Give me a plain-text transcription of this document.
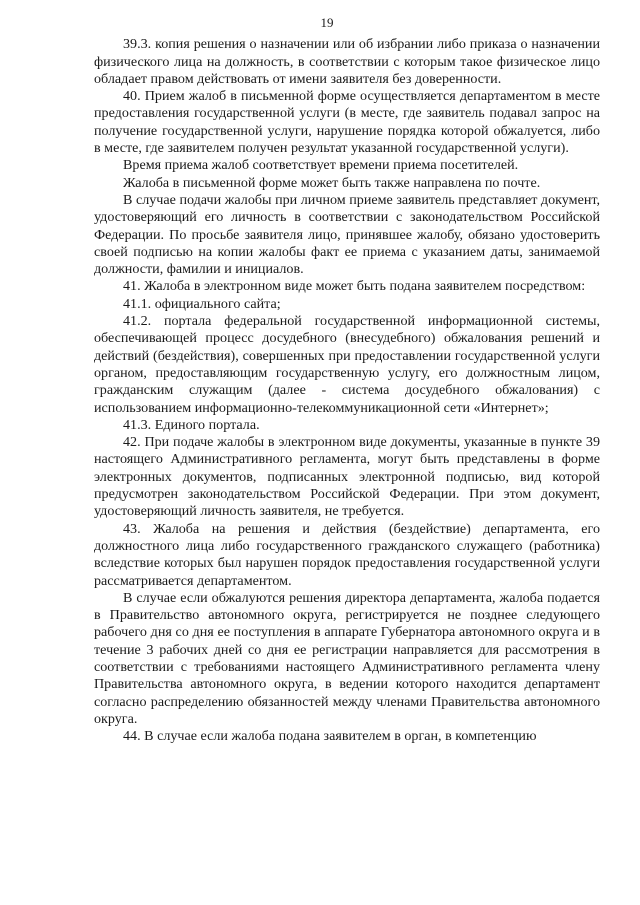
19

39.3. копия решения о назначении или об избрании либо приказа о назначении физического лица на должность, в соответствии с которым такое физическое лицо обладает правом действовать от имени заявителя без доверенности.

40. Прием жалоб в письменной форме осуществляется департаментом в месте предоставления государственной услуги (в месте, где заявитель подавал запрос на получение государственной услуги, нарушение порядка которой обжалуется, либо в месте, где заявителем получен результат указанной государственной услуги).

Время приема жалоб соответствует времени приема посетителей.

Жалоба в письменной форме может быть также направлена по почте.

В случае подачи жалобы при личном приеме заявитель представляет документ, удостоверяющий его личность в соответствии с законодательством Российской Федерации. По просьбе заявителя лицо, принявшее жалобу, обязано удостоверить своей подписью на копии жалобы факт ее приема с указанием даты, занимаемой должности, фамилии и инициалов.

41. Жалоба в электронном виде может быть подана заявителем посредством:

41.1. официального сайта;

41.2. портала федеральной государственной информационной системы, обеспечивающей процесс досудебного (внесудебного) обжалования решений и действий (бездействия), совершенных при предоставлении государственной услуги органом, предоставляющим государственную услугу, его должностным лицом, гражданским служащим (далее - система досудебного обжалования) с использованием информационно-телекоммуникационной сети «Интернет»;

41.3. Единого портала.

42. При подаче жалобы в электронном виде документы, указанные в пункте 39 настоящего Административного регламента, могут быть представлены в форме электронных документов, подписанных электронной подписью, вид которой предусмотрен законодательством Российской Федерации. При этом документ, удостоверяющий личность заявителя, не требуется.

43. Жалоба на решения и действия (бездействие) департамента, его должностного лица либо государственного гражданского служащего (работника) вследствие которых был нарушен порядок предоставления государственной услуги рассматривается департаментом.

В случае если обжалуются решения директора департамента, жалоба подается в Правительство автономного округа, регистрируется не позднее следующего рабочего дня со дня ее поступления в аппарате Губернатора автономного округа и в течение 3 рабочих дней со дня ее регистрации направляется для рассмотрения в соответствии с требованиями настоящего Административного регламента члену Правительства автономного округа, в ведении которого находится департамент согласно распределению обязанностей между членами Правительства автономного округа.

44. В случае если жалоба подана заявителем в орган, в компетенцию
